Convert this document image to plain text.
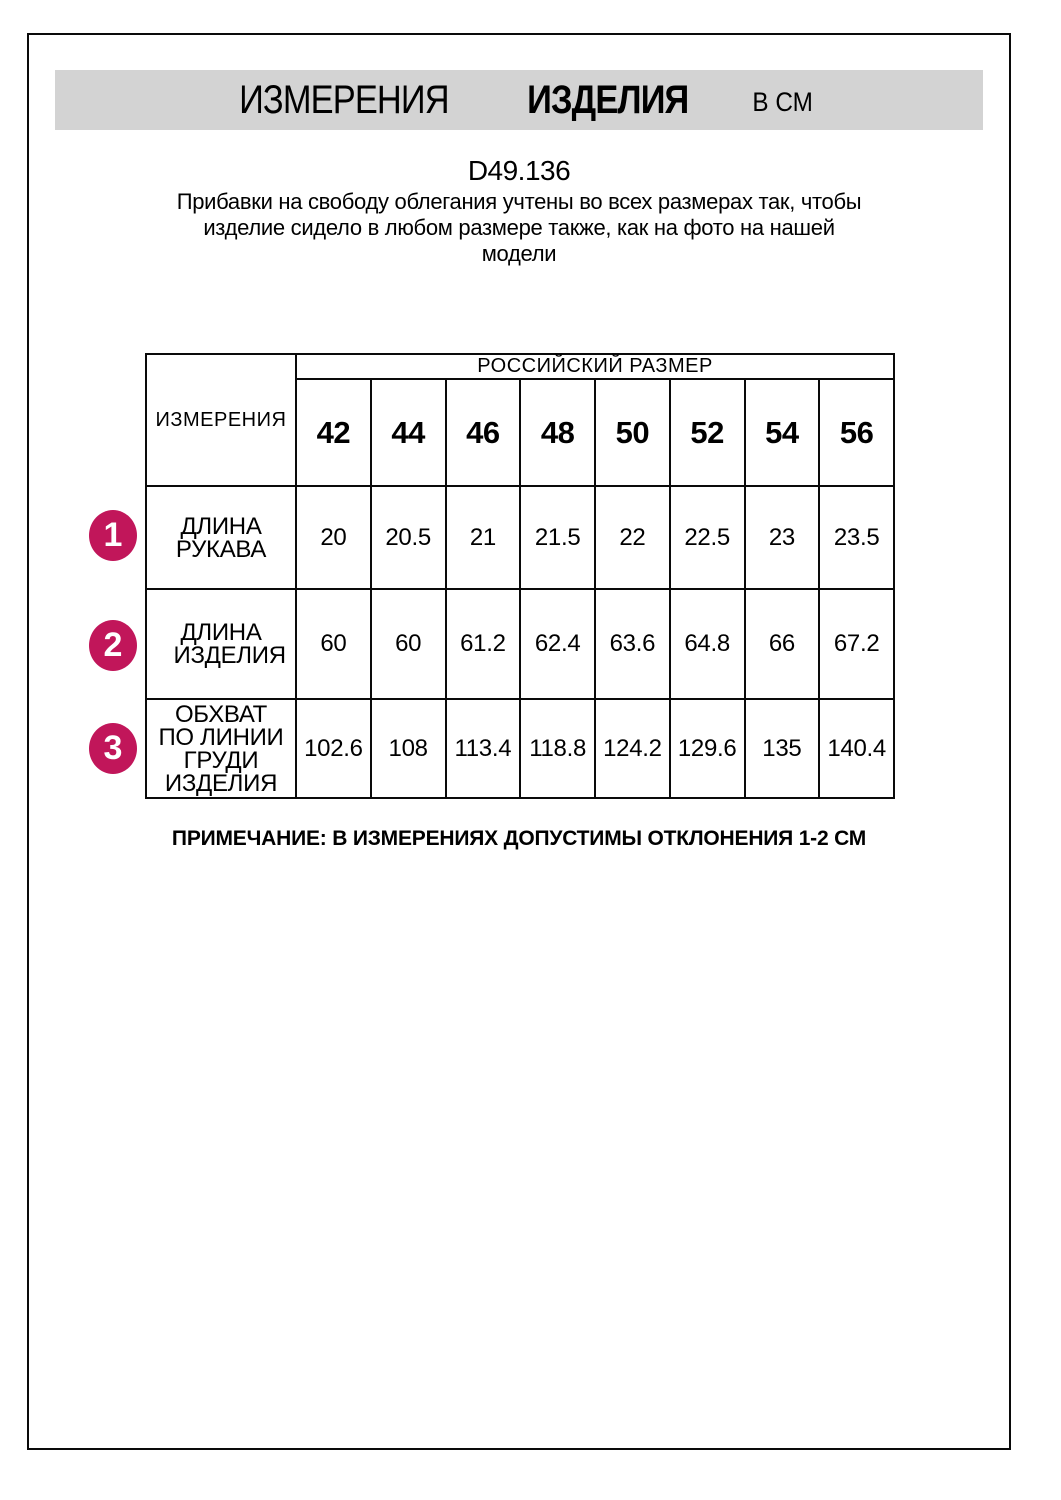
ИЗМЕРЕНИЯ ИЗДЕЛИЯ В СМ
D49.136
Прибавки на свободу облегания учтены во всех размерах так, чтобы
изделие сидело в любом размере также, как на фото на нашей
модели
ИЗМЕРЕНИЯ	РОССИЙСКИЙ РАЗМЕР							
	42	44	46	48	50	52	54	56
ДЛИНА РУКАВА	20	20.5	21	21.5	22	22.5	23	23.5
ДЛИНА ИЗДЕЛИЯ	60	60	61.2	62.4	63.6	64.8	66	67.2
ОБХВАТ ПО ЛИНИИ ГРУДИ ИЗДЕЛИЯ	102.6	108	113.4	118.8	124.2	129.6	135	140.4
1
2
3
ПРИМЕЧАНИЕ: В ИЗМЕРЕНИЯХ ДОПУСТИМЫ ОТКЛОНЕНИЯ 1-2 СМ
